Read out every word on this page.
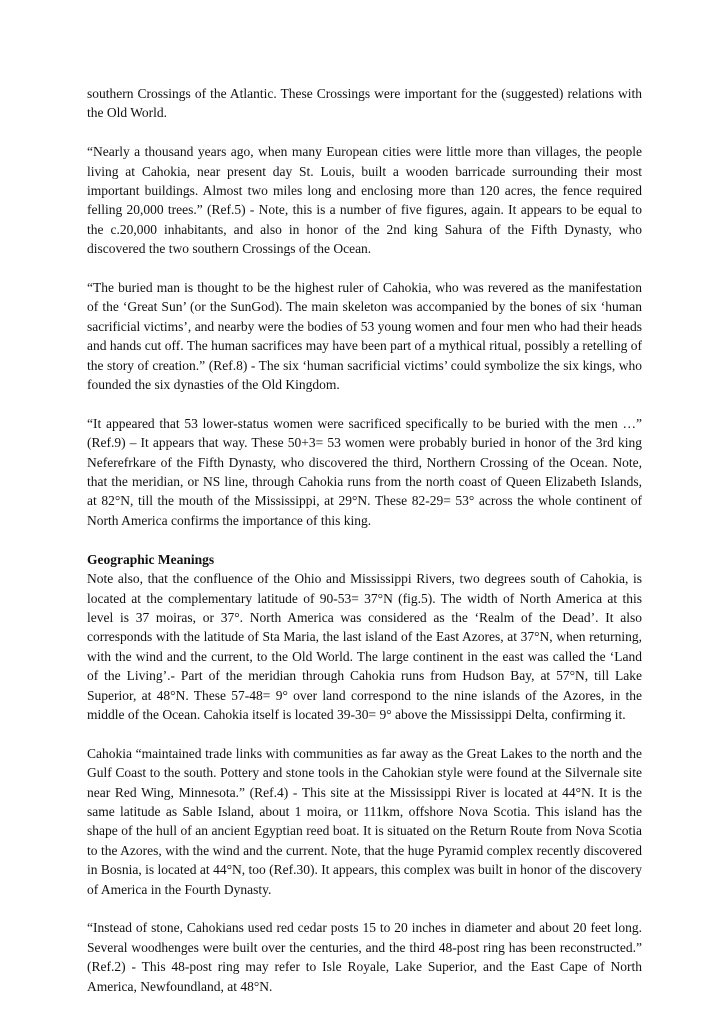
southern Crossings of the Atlantic. These Crossings were important for the (suggested) relations with the Old World.

“Nearly a thousand years ago, when many European cities were little more than villages, the people living at Cahokia, near present day St. Louis, built a wooden barricade surrounding their most important buildings. Almost two miles long and enclosing more than 120 acres, the fence required felling 20,000 trees.” (Ref.5) - Note, this is a number of five figures, again. It appears to be equal to the c.20,000 inhabitants, and also in honor of the 2nd king Sahura of the Fifth Dynasty, who discovered the two southern Crossings of the Ocean.

“The buried man is thought to be the highest ruler of Cahokia, who was revered as the manifestation of the ‘Great Sun’ (or the SunGod). The main skeleton was accompanied by the bones of six ‘human sacrificial victims’, and nearby were the bodies of 53 young women and four men who had their heads and hands cut off. The human sacrifices may have been part of a mythical ritual, possibly a retelling of the story of creation.” (Ref.8) - The six ‘human sacrificial victims’ could symbolize the six kings, who founded the six dynasties of the Old Kingdom.

“It appeared that 53 lower-status women were sacrificed specifically to be buried with the men …” (Ref.9) – It appears that way. These 50+3= 53 women were probably buried in honor of the 3rd king Neferefrkare of the Fifth Dynasty, who discovered the third, Northern Crossing of the Ocean. Note, that the meridian, or NS line, through Cahokia runs from the north coast of Queen Elizabeth Islands, at 82°N, till the mouth of the Mississippi, at 29°N. These 82-29= 53° across the whole continent of North America confirms the importance of this king.

Geographic Meanings
Note also, that the confluence of the Ohio and Mississippi Rivers, two degrees south of Cahokia, is located at the complementary latitude of 90-53= 37°N (fig.5). The width of North America at this level is 37 moiras, or 37°. North America was considered as the ‘Realm of the Dead’. It also corresponds with the latitude of Sta Maria, the last island of the East Azores, at 37°N, when returning, with the wind and the current, to the Old World. The large continent in the east was called the ‘Land of the Living’.- Part of the meridian through Cahokia runs from Hudson Bay, at 57°N, till Lake Superior, at 48°N. These 57-48= 9° over land correspond to the nine islands of the Azores, in the middle of the Ocean. Cahokia itself is located 39-30= 9° above the Mississippi Delta, confirming it.

Cahokia “maintained trade links with communities as far away as the Great Lakes to the north and the Gulf Coast to the south. Pottery and stone tools in the Cahokian style were found at the Silvernale site near Red Wing, Minnesota.” (Ref.4) - This site at the Mississippi River is located at 44°N. It is the same latitude as Sable Island, about 1 moira, or 111km, offshore Nova Scotia. This island has the shape of the hull of an ancient Egyptian reed boat. It is situated on the Return Route from Nova Scotia to the Azores, with the wind and the current. Note, that the huge Pyramid complex recently discovered in Bosnia, is located at 44°N, too (Ref.30). It appears, this complex was built in honor of the discovery of America in the Fourth Dynasty.

“Instead of stone, Cahokians used red cedar posts 15 to 20 inches in diameter and about 20 feet long. Several woodhenges were built over the centuries, and the third 48-post ring has been reconstructed.” (Ref.2) - This 48-post ring may refer to Isle Royale, Lake Superior, and the East Cape of North America, Newfoundland, at 48°N.
